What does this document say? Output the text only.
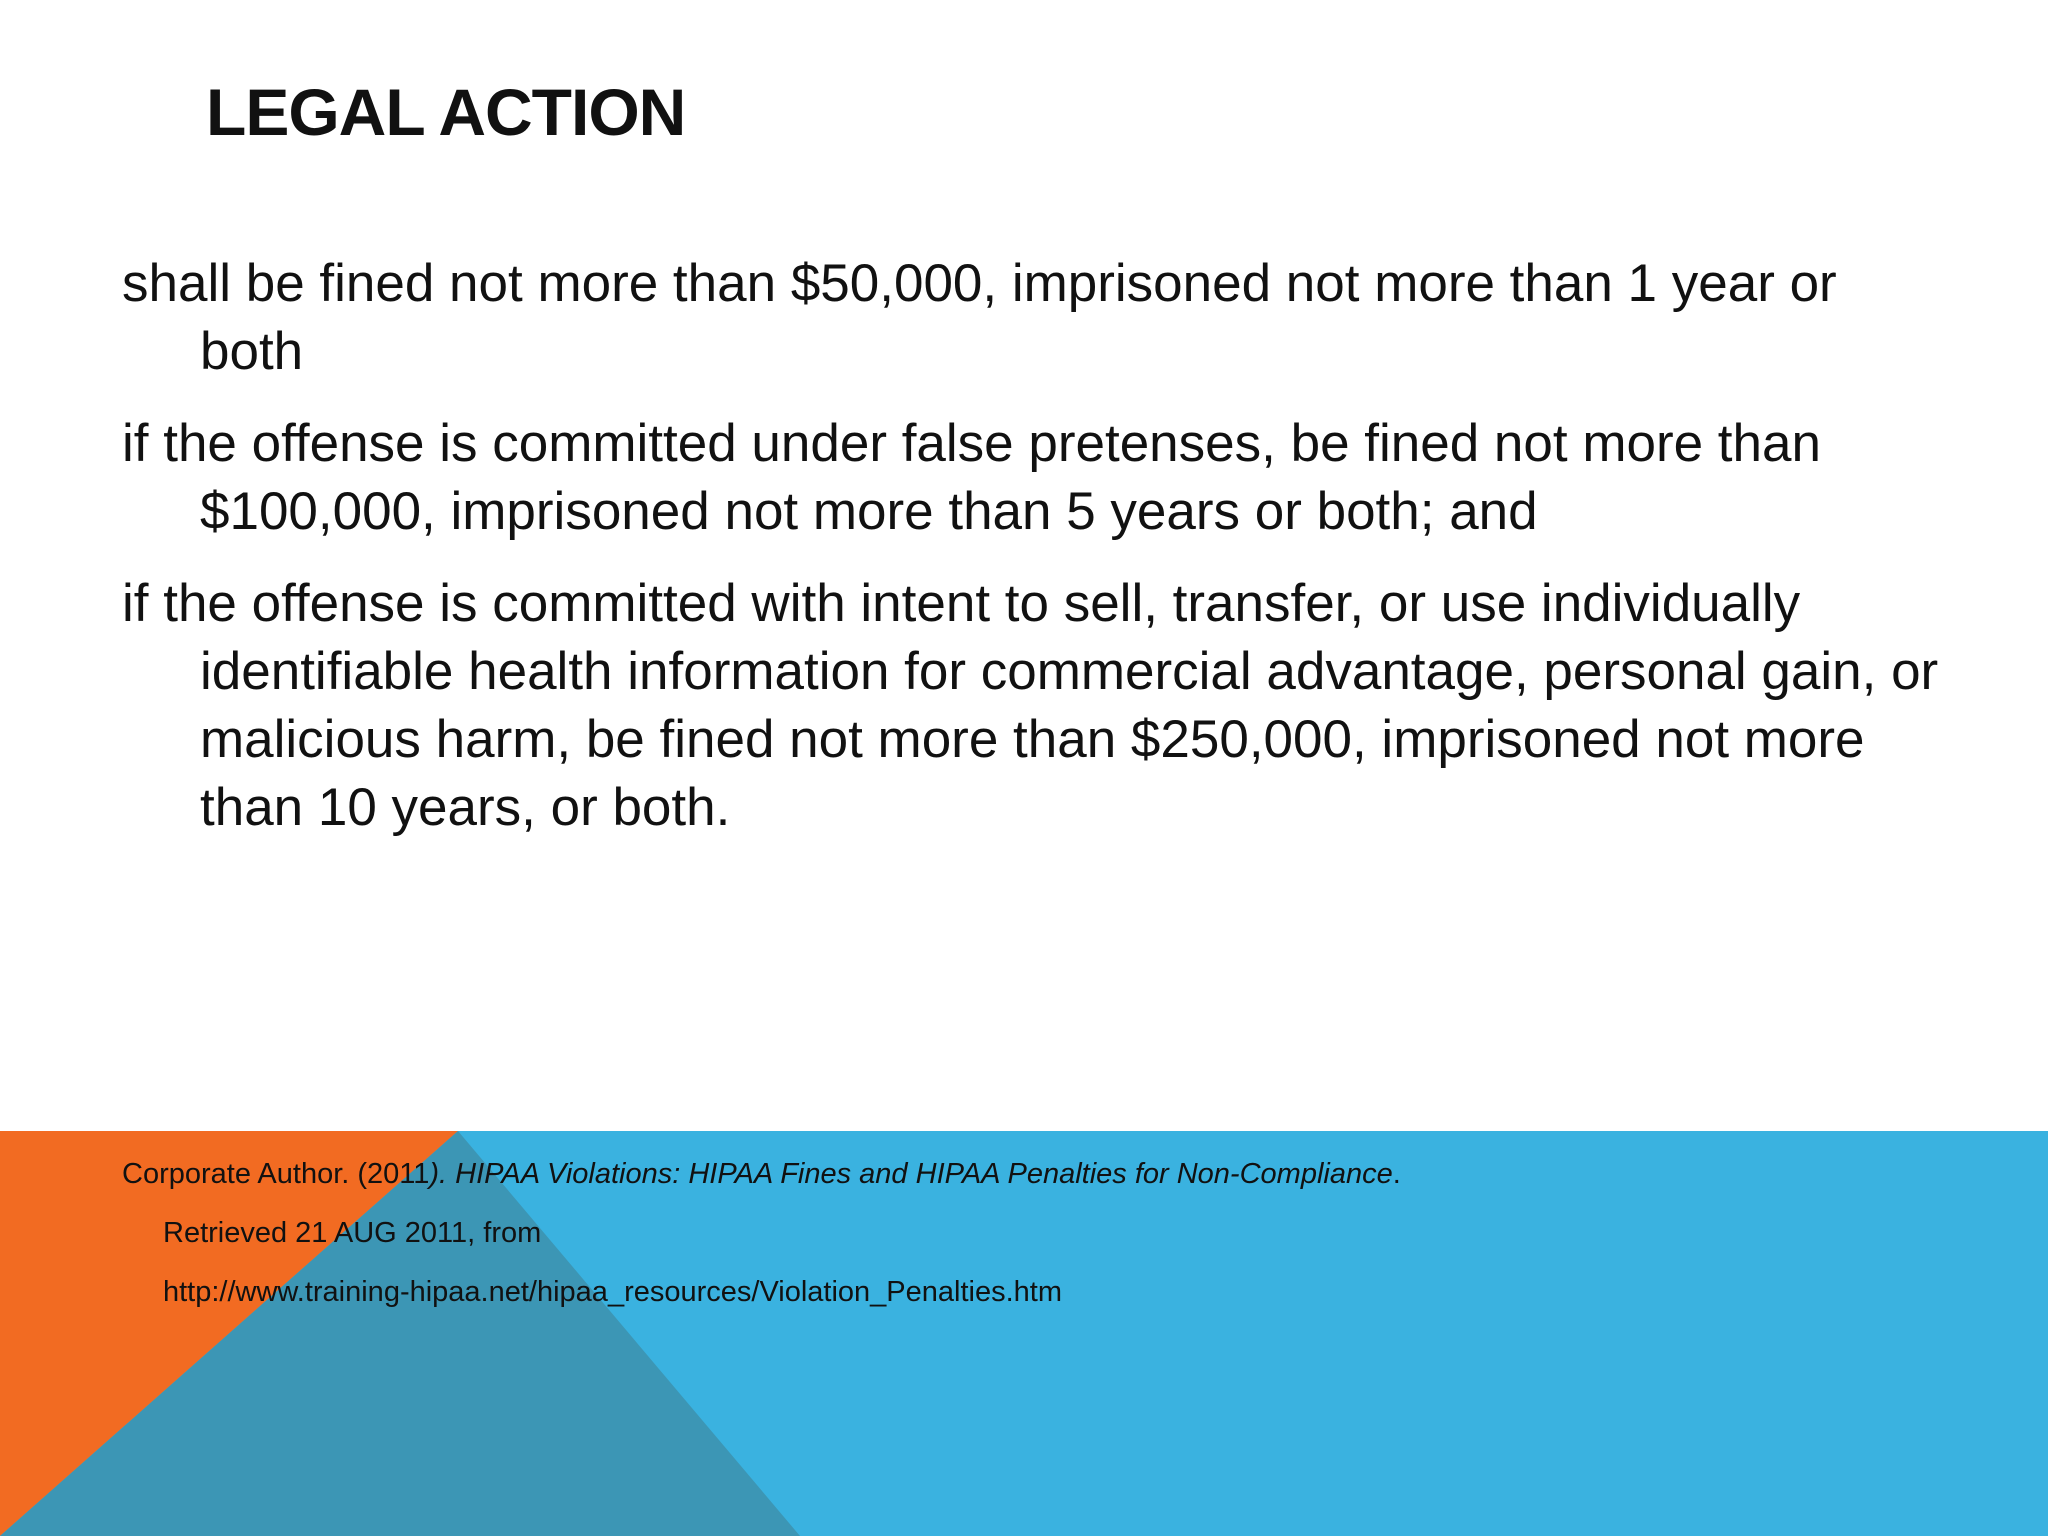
LEGAL ACTION

shall be fined not more than $50,000, imprisoned not more than 1 year or both

if the offense is committed under false pretenses, be fined not more than $100,000, imprisoned not more than 5 years or both; and

if the offense is committed with intent to sell, transfer, or use individually identifiable health information for commercial advantage, personal gain, or malicious harm, be fined not more than $250,000, imprisoned not more than 10 years, or both.

Corporate Author. (2011). HIPAA Violations: HIPAA Fines and HIPAA Penalties for Non-Compliance.
Retrieved 21 AUG 2011, from
http://www.training-hipaa.net/hipaa_resources/Violation_Penalties.htm
